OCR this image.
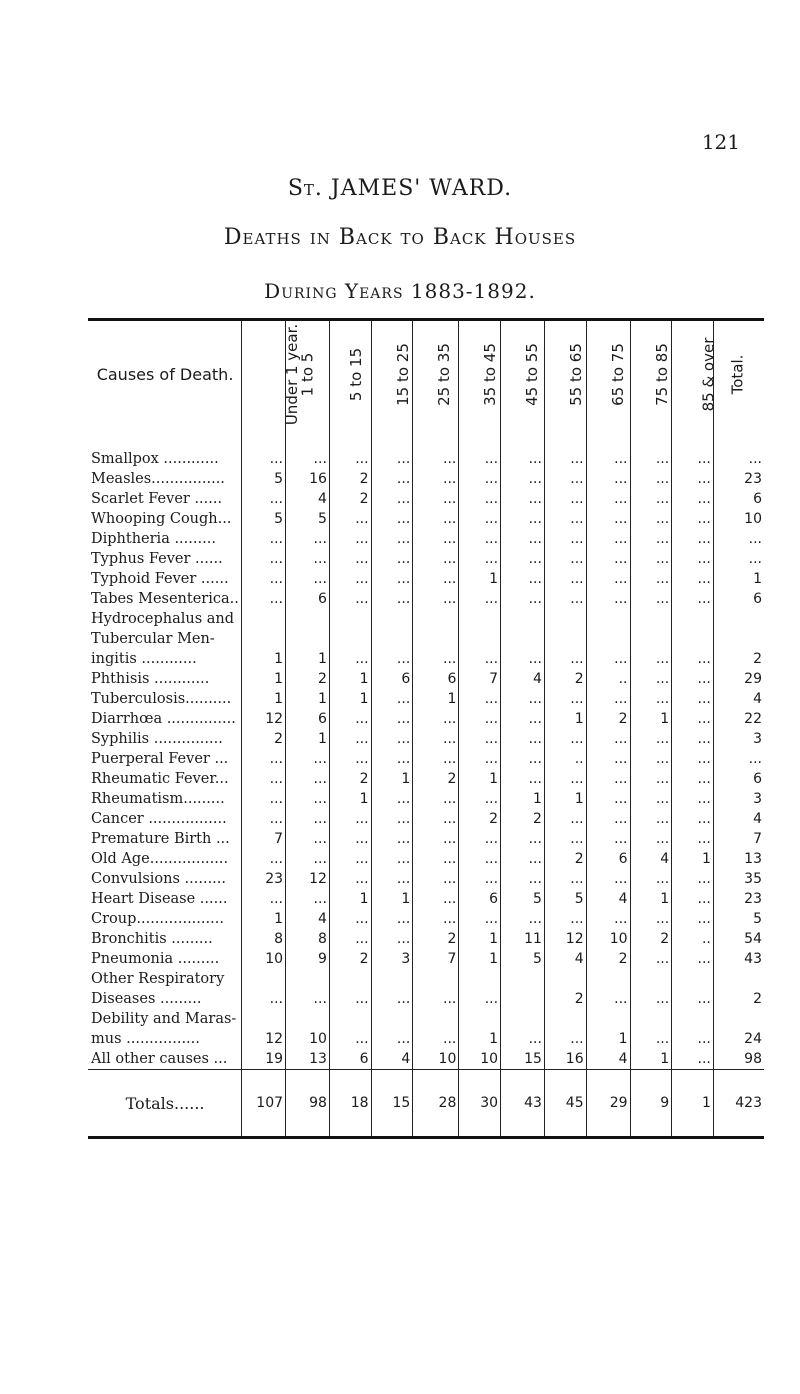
121
St. JAMES' WARD.
Deaths in Back to Back Houses
During Years 1883-1892.
Causes of Death.	Under 1 year.	1 to 5	5 to 15	15 to 25	25 to 35	35 to 45	45 to 55	55 to 65	65 to 75	75 to 85	85 & over	Total.

Smallpox ............	...	...	...	...	...	...	...	...	...	...	...	...
Measles................	5	16	2	...	...	...	...	...	...	...	...	23
Scarlet Fever ......	...	4	2	...	...	...	...	...	...	...	...	6
Whooping Cough...	5	5	...	...	...	...	...	...	...	...	...	10
Diphtheria .........	...	...	...	...	...	...	...	...	...	...	...	...
Typhus Fever ......	...	...	...	...	...	...	...	...	...	...	...	...
Typhoid Fever ......	...	...	...	...	...	1	...	...	...	...	...	1
Tabes Mesenterica..	...	6	...	...	...	...	...	...	...	...	...	6
Hydrocephalus and												
Tubercular Men-												
ingitis ............	1	1	...	...	...	...	...	...	...	...	...	2
Phthisis ............	1	2	1	6	6	7	4	2	..	...	...	29
Tuberculosis..........	1	1	1	...	1	...	...	...	...	...	...	4
Diarrhœa ...............	12	6	...	...	...	...	...	1	2	1	...	22
Syphilis ...............	2	1	...	...	...	...	...	...	...	...	...	3
Puerperal Fever ...	...	...	...	...	...	...	...	..	...	...	...	...
Rheumatic Fever...	...	...	2	1	2	1	...	...	...	...	...	6
Rheumatism.........	...	...	1	...	...	...	1	1	...	...	...	3
Cancer .................	...	...	...	...	...	2	2	...	...	...	...	4
Premature Birth ...	7	...	...	...	...	...	...	...	...	...	...	7
Old Age.................	...	...	...	...	...	...	...	2	6	4	1	13
Convulsions .........	23	12	...	...	...	...	...	...	...	...	...	35
Heart Disease ......	...	...	1	1	...	6	5	5	4	1	...	23
Croup...................	1	4	...	...	...	...	...	...	...	...	...	5
Bronchitis .........	8	8	...	...	2	1	11	12	10	2	..	54
Pneumonia .........	10	9	2	3	7	1	5	4	2	...	...	43
Other Respiratory												
Diseases .........	...	...	...	...	...	...		2	...	...	...	2
Debility and Maras-												
mus ................	12	10	...	...	...	1	...	...	1	...	...	24
All other causes ...	19	13	6	4	10	10	15	16	4	1	...	98
Totals......	107	98	18	15	28	30	43	45	29	9	1	423
